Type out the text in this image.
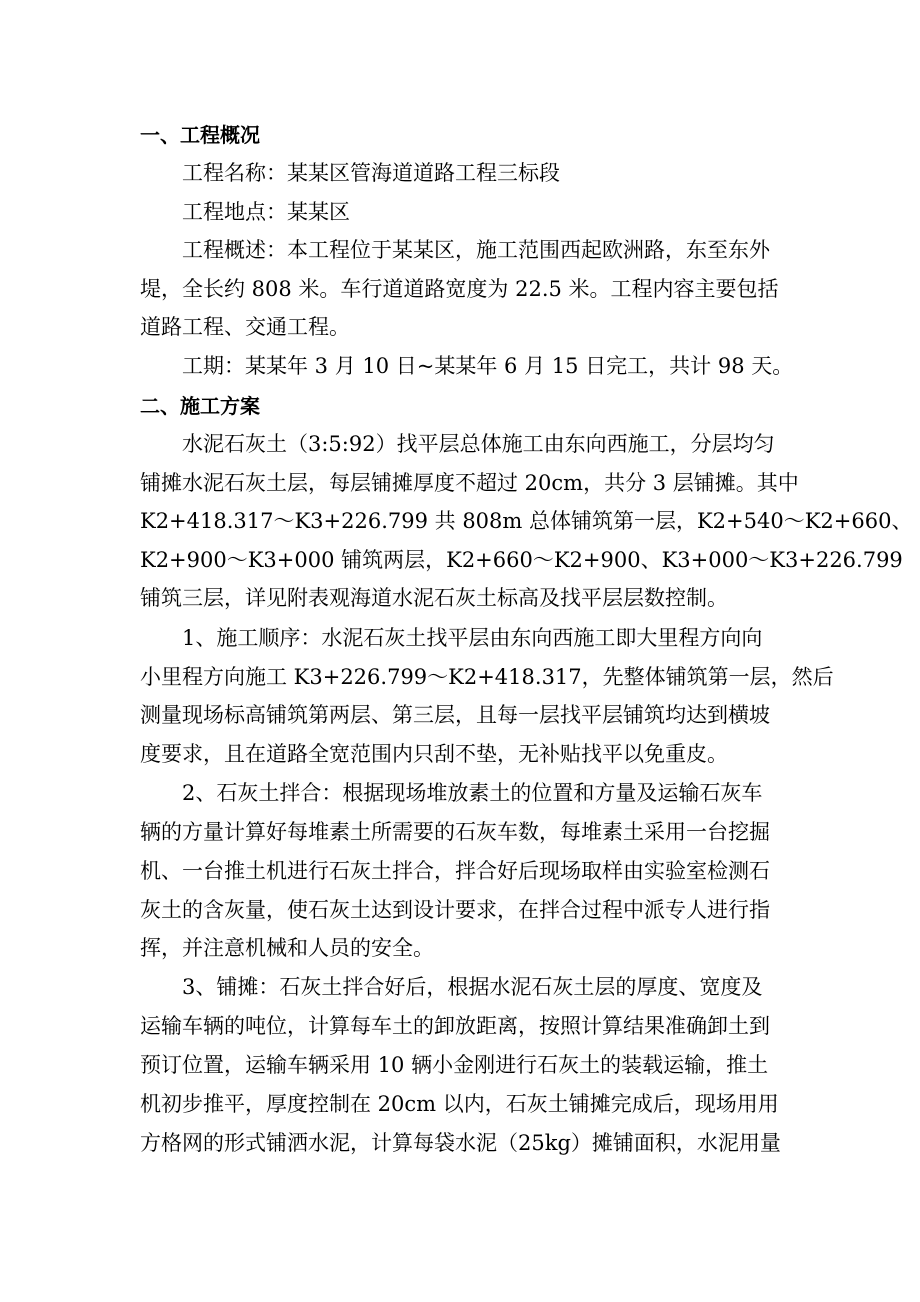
一、工程概况
工程名称：某某区管海道道路工程三标段
工程地点：某某区
工程概述：本工程位于某某区，施工范围西起欧洲路，东至东外
堤，全长约 808 米。车行道道路宽度为 22.5 米。工程内容主要包括
道路工程、交通工程。
工期：某某年 3 月 10 日~某某年 6 月 15 日完工，共计 98 天。
二、施工方案
水泥石灰土（3:5:92）找平层总体施工由东向西施工，分层均匀
铺摊水泥石灰土层，每层铺摊厚度不超过 20cm，共分 3 层铺摊。其中
K2+418.317～K3+226.799 共 808m 总体铺筑第一层，K2+540～K2+660、
K2+900～K3+000 铺筑两层，K2+660～K2+900、K3+000～K3+226.799
铺筑三层，详见附表观海道水泥石灰土标高及找平层层数控制。
1、施工顺序：水泥石灰土找平层由东向西施工即大里程方向向
小里程方向施工 K3+226.799～K2+418.317，先整体铺筑第一层，然后
测量现场标高铺筑第两层、第三层，且每一层找平层铺筑均达到横坡
度要求，且在道路全宽范围内只刮不垫，无补贴找平以免重皮。
2、石灰土拌合：根据现场堆放素土的位置和方量及运输石灰车
辆的方量计算好每堆素土所需要的石灰车数，每堆素土采用一台挖掘
机、一台推土机进行石灰土拌合，拌合好后现场取样由实验室检测石
灰土的含灰量，使石灰土达到设计要求，在拌合过程中派专人进行指
挥，并注意机械和人员的安全。
3、铺摊：石灰土拌合好后，根据水泥石灰土层的厚度、宽度及
运输车辆的吨位，计算每车土的卸放距离，按照计算结果准确卸土到
预订位置，运输车辆采用 10 辆小金刚进行石灰土的装载运输，推土
机初步推平，厚度控制在 20cm 以内，石灰土铺摊完成后，现场用用
方格网的形式铺洒水泥，计算每袋水泥（25kg）摊铺面积，水泥用量
